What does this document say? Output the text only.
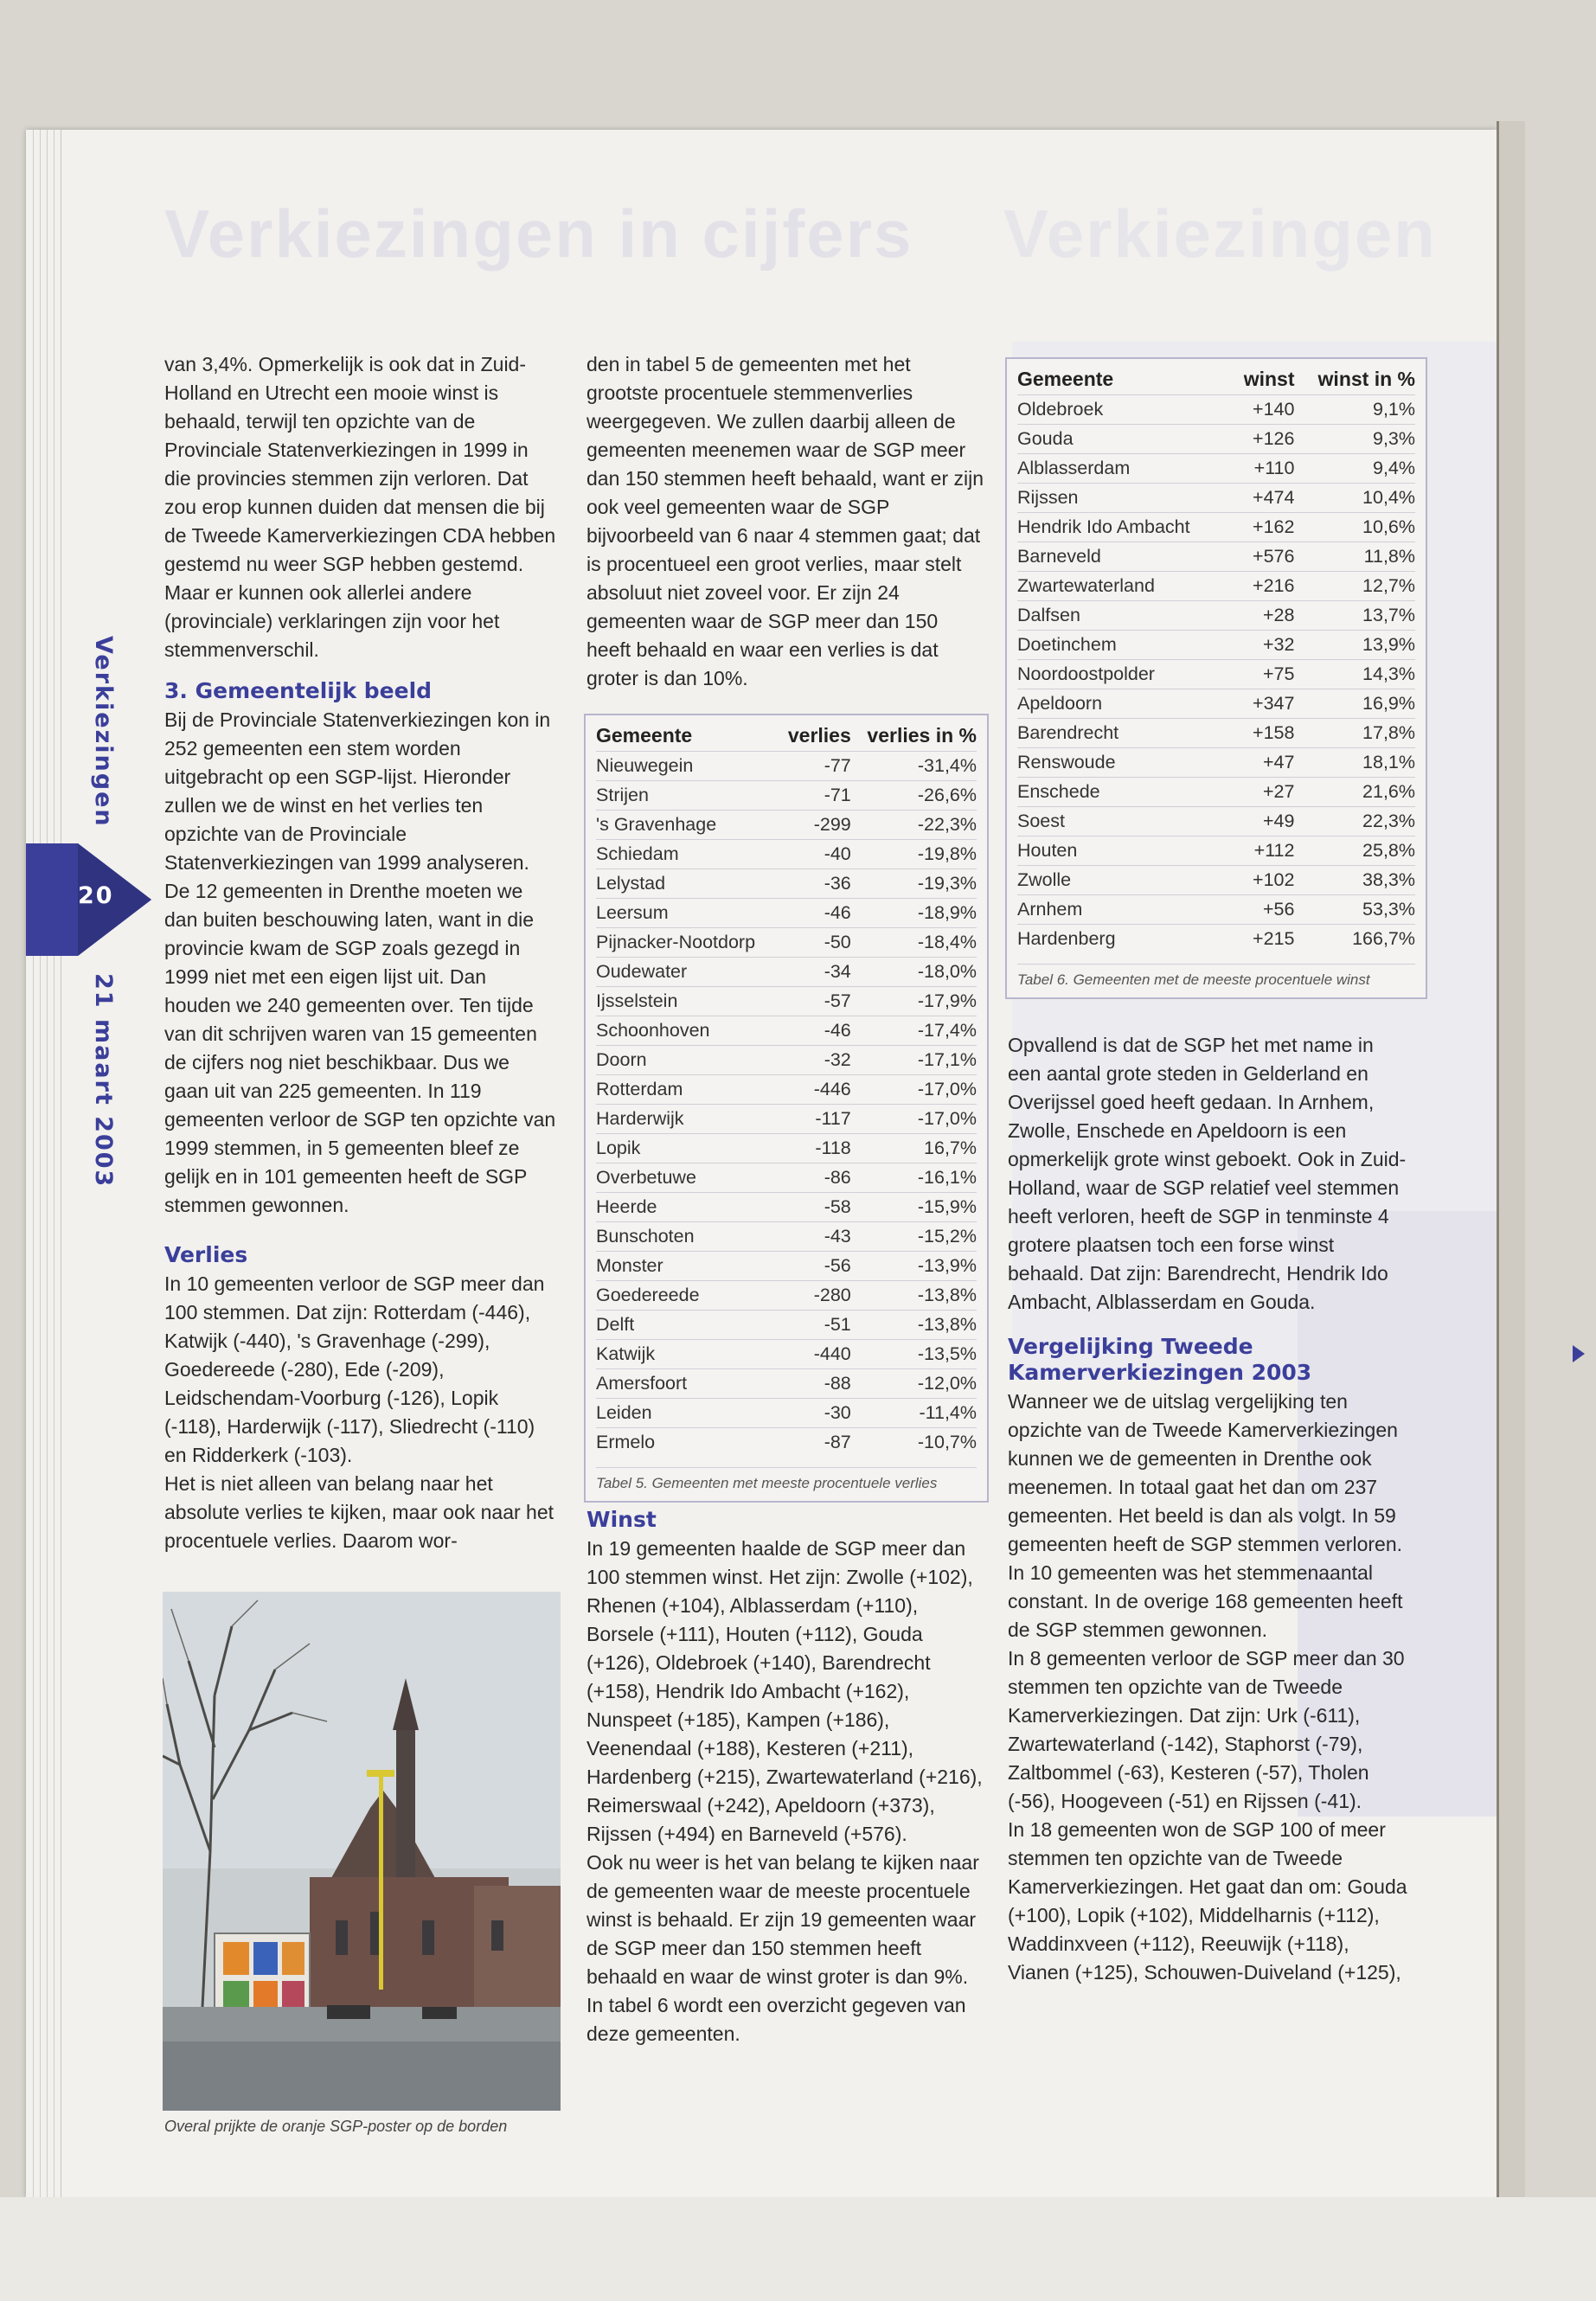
Verkiezingen in cijfers Verkiezingen
Verkiezingen
20
21 maart 2003

van 3,4%. Opmerkelijk is ook dat in Zuid-Holland en Utrecht een mooie winst is behaald, terwijl ten opzichte van de Provinciale Statenverkiezingen in 1999 in die provincies stemmen zijn verloren. Dat zou erop kunnen duiden dat mensen die bij de Tweede Kamerverkiezingen CDA hebben gestemd nu weer SGP hebben gestemd. Maar er kunnen ook allerlei andere (provinciale) verklaringen zijn voor het stemmenverschil.

3. Gemeentelijk beeld

Bij de Provinciale Statenverkiezingen kon in 252 gemeenten een stem worden uitgebracht op een SGP-lijst. Hieronder zullen we de winst en het verlies ten opzichte van de Provinciale Statenverkiezingen van 1999 analyseren. De 12 gemeenten in Drenthe moeten we dan buiten beschouwing laten, want in die provincie kwam de SGP zoals gezegd in 1999 niet met een eigen lijst uit. Dan houden we 240 gemeenten over. Ten tijde van dit schrijven waren van 15 gemeenten de cijfers nog niet beschikbaar. Dus we gaan uit van 225 gemeenten. In 119 gemeenten verloor de SGP ten opzichte van 1999 stemmen, in 5 gemeenten bleef ze gelijk en in 101 gemeenten heeft de SGP stemmen gewonnen.

Verlies

In 10 gemeenten verloor de SGP meer dan 100 stemmen. Dat zijn: Rotterdam (-446), Katwijk (-440), 's Gravenhage (-299), Goedereede (-280), Ede (-209), Leidschendam-Voorburg (-126), Lopik (-118), Harderwijk (-117), Sliedrecht (-110) en Ridderkerk (-103).

Het is niet alleen van belang naar het absolute verlies te kijken, maar ook naar het procentuele verlies. Daarom wor-

Overal prijkte de oranje SGP-poster op de borden

den in tabel 5 de gemeenten met het grootste procentuele stemmenverlies weergegeven. We zullen daarbij alleen de gemeenten meenemen waar de SGP meer dan 150 stemmen heeft behaald, want er zijn ook veel gemeenten waar de SGP bijvoorbeeld van 6 naar 4 stemmen gaat; dat is procentueel een groot verlies, maar stelt absoluut niet zoveel voor. Er zijn 24 gemeenten waar de SGP meer dan 150 heeft behaald en waar een verlies is dat groter is dan 10%.

Gemeente	verlies	verlies in %
Nieuwegein	-77	-31,4%
Strijen	-71	-26,6%
's Gravenhage	-299	-22,3%
Schiedam	-40	-19,8%
Lelystad	-36	-19,3%
Leersum	-46	-18,9%
Pijnacker-Nootdorp	-50	-18,4%
Oudewater	-34	-18,0%
Ijsselstein	-57	-17,9%
Schoonhoven	-46	-17,4%
Doorn	-32	-17,1%
Rotterdam	-446	-17,0%
Harderwijk	-117	-17,0%
Lopik	-118	16,7%
Overbetuwe	-86	-16,1%
Heerde	-58	-15,9%
Bunschoten	-43	-15,2%
Monster	-56	-13,9%
Goedereede	-280	-13,8%
Delft	-51	-13,8%
Katwijk	-440	-13,5%
Amersfoort	-88	-12,0%
Leiden	-30	-11,4%
Ermelo	-87	-10,7%
Tabel 5. Gemeenten met meeste procentuele verlies
Winst

In 19 gemeenten haalde de SGP meer dan 100 stemmen winst. Het zijn: Zwolle (+102), Rhenen (+104), Alblasserdam (+110), Borsele (+111), Houten (+112), Gouda (+126), Oldebroek (+140), Barendrecht (+158), Hendrik Ido Ambacht (+162), Nunspeet (+185), Kampen (+186), Veenendaal (+188), Kesteren (+211), Hardenberg (+215), Zwartewaterland (+216), Reimerswaal (+242), Apeldoorn (+373), Rijssen (+494) en Barneveld (+576).

Ook nu weer is het van belang te kijken naar de gemeenten waar de meeste procentuele winst is behaald. Er zijn 19 gemeenten waar de SGP meer dan 150 stemmen heeft behaald en waar de winst groter is dan 9%. In tabel 6 wordt een overzicht gegeven van deze gemeenten.

Gemeente	winst	winst in %
Oldebroek	+140	9,1%
Gouda	+126	9,3%
Alblasserdam	+110	9,4%
Rijssen	+474	10,4%
Hendrik Ido Ambacht	+162	10,6%
Barneveld	+576	11,8%
Zwartewaterland	+216	12,7%
Dalfsen	+28	13,7%
Doetinchem	+32	13,9%
Noordoostpolder	+75	14,3%
Apeldoorn	+347	16,9%
Barendrecht	+158	17,8%
Renswoude	+47	18,1%
Enschede	+27	21,6%
Soest	+49	22,3%
Houten	+112	25,8%
Zwolle	+102	38,3%
Arnhem	+56	53,3%
Hardenberg	+215	166,7%
Tabel 6. Gemeenten met de meeste procentuele winst

Opvallend is dat de SGP het met name in een aantal grote steden in Gelderland en Overijssel goed heeft gedaan. In Arnhem, Zwolle, Enschede en Apeldoorn is een opmerkelijk grote winst geboekt. Ook in Zuid-Holland, waar de SGP relatief veel stemmen heeft verloren, heeft de SGP in tenminste 4 grotere plaatsen toch een forse winst behaald. Dat zijn: Barendrecht, Hendrik Ido Ambacht, Alblasserdam en Gouda.

Vergelijking Tweede Kamerverkiezingen 2003

Wanneer we de uitslag vergelijking ten opzichte van de Tweede Kamerverkiezingen kunnen we de gemeenten in Drenthe ook meenemen. In totaal gaat het dan om 237 gemeenten. Het beeld is dan als volgt. In 59 gemeenten heeft de SGP stemmen verloren. In 10 gemeenten was het stemmenaantal constant. In de overige 168 gemeenten heeft de SGP stemmen gewonnen.

In 8 gemeenten verloor de SGP meer dan 30 stemmen ten opzichte van de Tweede Kamerverkiezingen. Dat zijn: Urk (-611), Zwartewaterland (-142), Staphorst (-79), Zaltbommel (-63), Kesteren (-57), Tholen (-56), Hoogeveen (-51) en Rijssen (-41).

In 18 gemeenten won de SGP 100 of meer stemmen ten opzichte van de Tweede Kamerverkiezingen. Het gaat dan om: Gouda (+100), Lopik (+102), Middelharnis (+112), Waddinxveen (+112), Reeuwijk (+118), Vianen (+125), Schouwen-Duiveland (+125),
